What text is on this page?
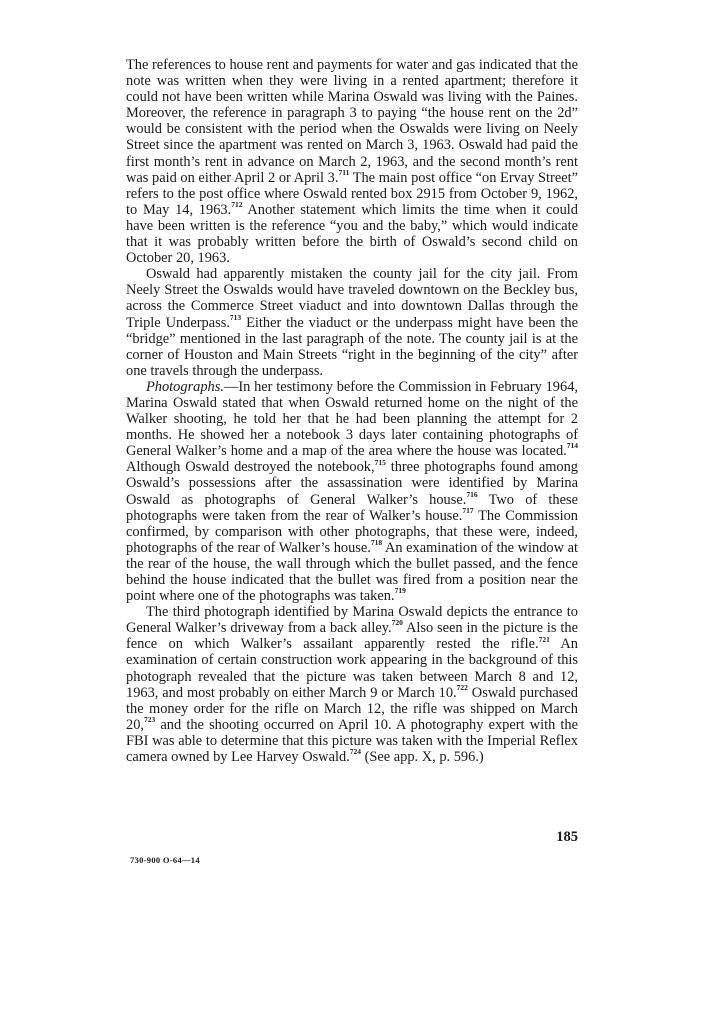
The references to house rent and payments for water and gas indicated that the note was written when they were living in a rented apartment; therefore it could not have been written while Marina Oswald was living with the Paines. Moreover, the reference in paragraph 3 to paying “the house rent on the 2d” would be consistent with the period when the Oswalds were living on Neely Street since the apartment was rented on March 3, 1963. Oswald had paid the first month’s rent in advance on March 2, 1963, and the second month’s rent was paid on either April 2 or April 3.$^{711}$ The main post office “on Ervay Street” refers to the post office where Oswald rented box 2915 from October 9, 1962, to May 14, 1963.$^{712}$ Another statement which limits the time when it could have been written is the reference “you and the baby,” which would indicate that it was probably written before the birth of Oswald’s second child on October 20, 1963.

Oswald had apparently mistaken the county jail for the city jail. From Neely Street the Oswalds would have traveled downtown on the Beckley bus, across the Commerce Street viaduct and into downtown Dallas through the Triple Underpass.$^{713}$ Either the viaduct or the underpass might have been the “bridge” mentioned in the last paragraph of the note. The county jail is at the corner of Houston and Main Streets “right in the beginning of the city” after one travels through the underpass.

Photographs.—In her testimony before the Commission in February 1964, Marina Oswald stated that when Oswald returned home on the night of the Walker shooting, he told her that he had been planning the attempt for 2 months. He showed her a notebook 3 days later containing photographs of General Walker’s home and a map of the area where the house was located.$^{714}$ Although Oswald destroyed the notebook,$^{715}$ three photographs found among Oswald’s possessions after the assassination were identified by Marina Oswald as photographs of General Walker’s house.$^{716}$ Two of these photographs were taken from the rear of Walker’s house.$^{717}$ The Commission confirmed, by comparison with other photographs, that these were, indeed, photographs of the rear of Walker’s house.$^{718}$ An examination of the window at the rear of the house, the wall through which the bullet passed, and the fence behind the house indicated that the bullet was fired from a position near the point where one of the photographs was taken.$^{719}$

The third photograph identified by Marina Oswald depicts the entrance to General Walker’s driveway from a back alley.$^{720}$ Also seen in the picture is the fence on which Walker’s assailant apparently rested the rifle.$^{721}$ An examination of certain construction work appearing in the background of this photograph revealed that the picture was taken between March 8 and 12, 1963, and most probably on either March 9 or March 10.$^{722}$ Oswald purchased the money order for the rifle on March 12, the rifle was shipped on March 20,$^{723}$ and the shooting occurred on April 10. A photography expert with the FBI was able to determine that this picture was taken with the Imperial Reflex camera owned by Lee Harvey Oswald.$^{724}$ (See app. X, p. 596.)

185
730-900 O-64—14
